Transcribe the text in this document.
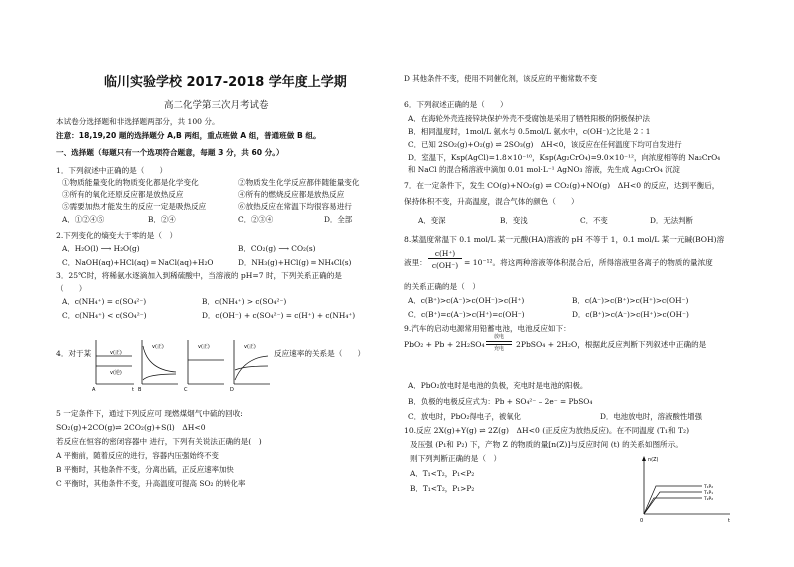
临川实验学校 2017-2018 学年度上学期
高二化学第三次月考试卷
本试卷分选择题和非选择题两部分，共 100 分。
注意：18,19,20 题的选择题分 A,B 两组，重点班做 A 组，普通班做 B 组。
一、选择题（每题只有一个选项符合题意，每题 3 分，共 60 分。）
1．下列叙述中正确的是（　　）
①物质能量变化的物质变化都是化学变化	②物质发生化学反应都伴随能量变化
③所有的氧化还原反应都是放热反应	④所有的燃烧反应都是放热反应
⑤需要加热才能发生的反应一定是吸热反应	⑥放热反应在常温下均很容易进行
A．①②④⑤	B．②④	C．②③④	D．全部
2.下列变化的熵变大于零的是（　）
A．H₂O(l) ⟶ H₂O(g)	B．CO₂(g) ⟶ CO₂(s)
C．NaOH(aq)+HCl(aq) ═ NaCl(aq)+H₂O	D．NH₃(g)+HCl(g) ═ NH₄Cl(s)
3．25℃时，将稀氨水逐滴加入到稀硫酸中，当溶液的 pH=7 时，下列关系正确的是
（　　）
A．c(NH₄⁺) = c(SO₄²⁻)	B．c(NH₄⁺) > c(SO₄²⁻)
C．c(NH₄⁺) < c(SO₄²⁻)	D．c(OH⁻) + c(SO₄²⁻) = c(H⁺) + c(NH₄⁺)
4．对于某	反应速率的关系是（　　）
v(正)
v(逆)
A	t
v(正)
B
v(正)
C
v(正)
D
5 一定条件下，通过下列反应可 现燃煤烟气中硫的回收:
SO₂(g)+2CO(g)⇌ 2CO₂(g)+S(l)　ΔH<0
若反应在恒容的密闭容器中 进行，下列有关说法正确的是(　)
A 平衡前，随着反应的进行，容器内压强始终不变
B 平衡时，其他条件不变，分离出硫，正反应速率加快
C 平衡时，其他条件不变，升高温度可提高 SO₂ 的转化率
D 其他条件不变，使用不同催化剂，该反应的平衡常数不变
6．下列叙述正确的是（　　）
A．在海轮外壳连接锌块保护外壳不受腐蚀是采用了牺牲阳极的阴极保护法
B．相同温度时，1mol/L 氨水与 0.5mol/L 氨水中，c(OH⁻)之比是 2∶1
C．已知 2SO₂(g)+O₂(g) ⇌ 2SO₃(g)　ΔH<0，该反应在任何温度下均可自发进行
D．室温下，Ksp(AgCl)=1.8×10⁻¹⁰，Ksp(Ag₂CrO₄)=9.0×10⁻¹²，向浓度相等的 Na₂CrO₄
和 NaCl 的混合稀溶液中滴加 0.01 mol·L⁻¹ AgNO₃ 溶液，先生成 Ag₂CrO₄ 沉淀
7．在一定条件下，发生 CO(g)+NO₂(g) ⇌ CO₂(g)+NO(g)　ΔH<0 的反应，达到平衡后，
保持体积不变，升高温度，混合气体的颜色（　　）
A．变深	B．变浅	C．不变	D．无法判断
8.某温度常温下 0.1 mol/L 某一元酸(HA)溶液的 pH 不等于 1，0.1 mol/L 某一元碱(BOH)溶
液里：
c(H⁺)
c(OH⁻) = 10⁻¹²。将这两种溶液等体积混合后，所得溶液里各离子的物质的量浓度
的关系正确的是（　）
A．c(B⁺)>c(A⁻)>c(OH⁻)>c(H⁺)	B．c(A⁻)>c(B⁺)>c(H⁺)>c(OH⁻)
C．c(B⁺)=c(A⁻)>c(H⁺)=c(OH⁻)	D．c(B⁺)>c(A⁻)>c(H⁺)>c(OH⁻)
9.汽车的启动电源常用铅蓄电池，电池反应如下：
PbO₂ + Pb + 2H₂SO₄
放电
充电	2PbSO₄ + 2H₂O，根据此反应判断下列叙述中正确的是
A．PbO₂放电时是电池的负极，充电时是电池的阳极。
B．负极的电极反应式为：Pb + SO₄²⁻ – 2e⁻ = PbSO₄
C．放电时，PbO₂得电子，被氧化	D．电池放电时，溶液酸性增强
10.反应 2X(g)+Y(g) ⇌ 2Z(g)　ΔH<0 (正反应为放热反应)。在不同温度 (T₁和 T₂)
及压强 (P₁和 P₂) 下，产物 Z 的物质的量[n(Z)]与反应时间 (t) 的关系如图所示。
则下列判断正确的是（　）
A．T₁<T₂，P₁<P₂
B．T₁<T₂，P₁>P₂
n(Z)
t
0
T₁P₂
T₁P₁
T₂P₂
